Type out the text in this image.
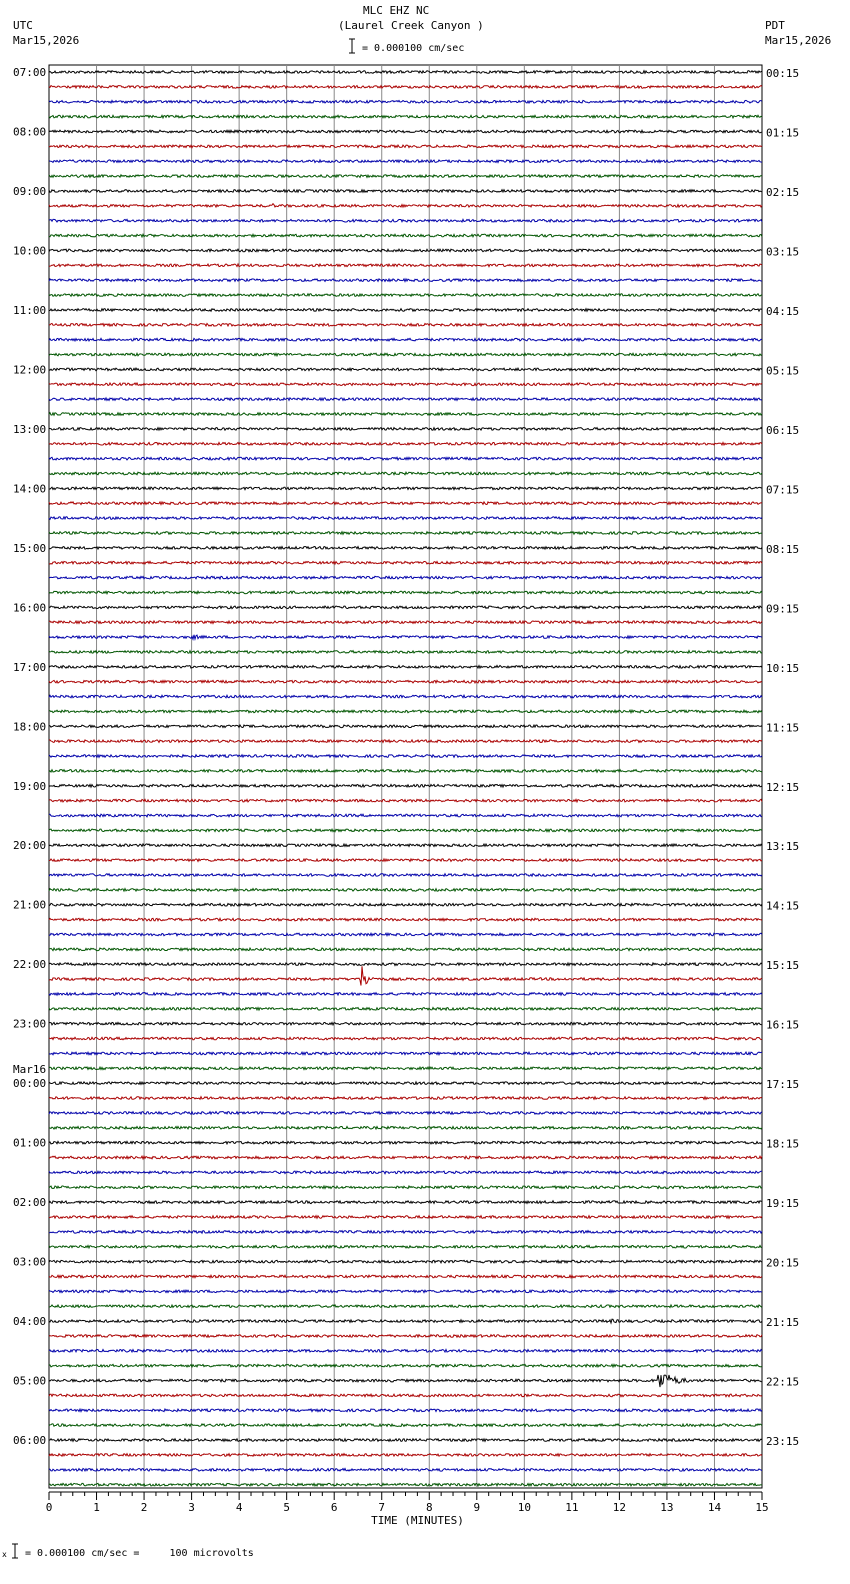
MLC EHZ NC
(Laurel Creek Canyon )
UTC
Mar15,2026
PDT
Mar15,2026
= 0.000100 cm/sec
07:00
08:00
09:00
10:00
11:00
12:00
13:00
14:00
15:00
16:00
17:00
18:00
19:00
20:00
21:00
22:00
23:00
00:00
Mar16
01:00
02:00
03:00
04:00
05:00
06:00
00:15
01:15
02:15
03:15
04:15
05:15
06:15
07:15
08:15
09:15
10:15
11:15
12:15
13:15
14:15
15:15
16:15
17:15
18:15
19:15
20:15
21:15
22:15
23:15
0	1	2	3	4	5	6	7	8	9	10	11	12	13	14	15
TIME (MINUTES)
x = 0.000100 cm/sec =     100 microvolts
